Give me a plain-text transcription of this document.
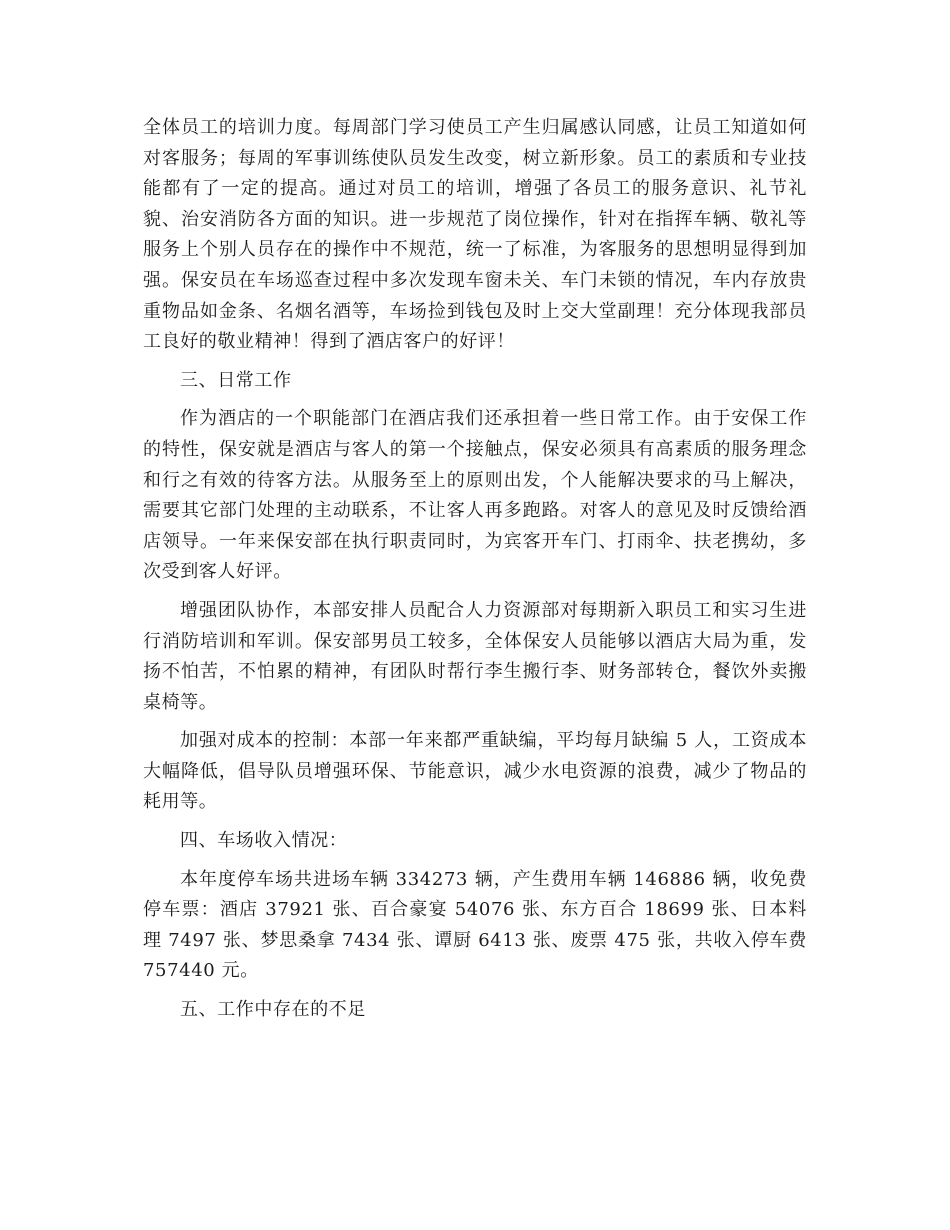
全体员工的培训力度。每周部门学习使员工产生归属感认同感，让员工知道如何对客服务；每周的军事训练使队员发生改变，树立新形象。员工的素质和专业技能都有了一定的提高。通过对员工的培训，增强了各员工的服务意识、礼节礼貌、治安消防各方面的知识。进一步规范了岗位操作，针对在指挥车辆、敬礼等服务上个别人员存在的操作中不规范，统一了标准，为客服务的思想明显得到加强。保安员在车场巡查过程中多次发现车窗未关、车门未锁的情况，车内存放贵重物品如金条、名烟名酒等，车场捡到钱包及时上交大堂副理！充分体现我部员工良好的敬业精神！得到了酒店客户的好评！

三、日常工作

作为酒店的一个职能部门在酒店我们还承担着一些日常工作。由于安保工作的特性，保安就是酒店与客人的第一个接触点，保安必须具有高素质的服务理念和行之有效的待客方法。从服务至上的原则出发，个人能解决要求的马上解决，需要其它部门处理的主动联系，不让客人再多跑路。对客人的意见及时反馈给酒店领导。一年来保安部在执行职责同时，为宾客开车门、打雨伞、扶老携幼，多次受到客人好评。

增强团队协作，本部安排人员配合人力资源部对每期新入职员工和实习生进行消防培训和军训。保安部男员工较多，全体保安人员能够以酒店大局为重，发扬不怕苦，不怕累的精神，有团队时帮行李生搬行李、财务部转仓，餐饮外卖搬桌椅等。

加强对成本的控制：本部一年来都严重缺编，平均每月缺编 5 人，工资成本大幅降低，倡导队员增强环保、节能意识，减少水电资源的浪费，减少了物品的耗用等。

四、车场收入情况：

本年度停车场共进场车辆 334273 辆，产生费用车辆 146886 辆，收免费停车票：酒店 37921 张、百合豪宴 54076 张、东方百合 18699 张、日本料理 7497 张、梦思桑拿 7434 张、谭厨 6413 张、废票 475 张，共收入停车费 757440 元。

五、工作中存在的不足
